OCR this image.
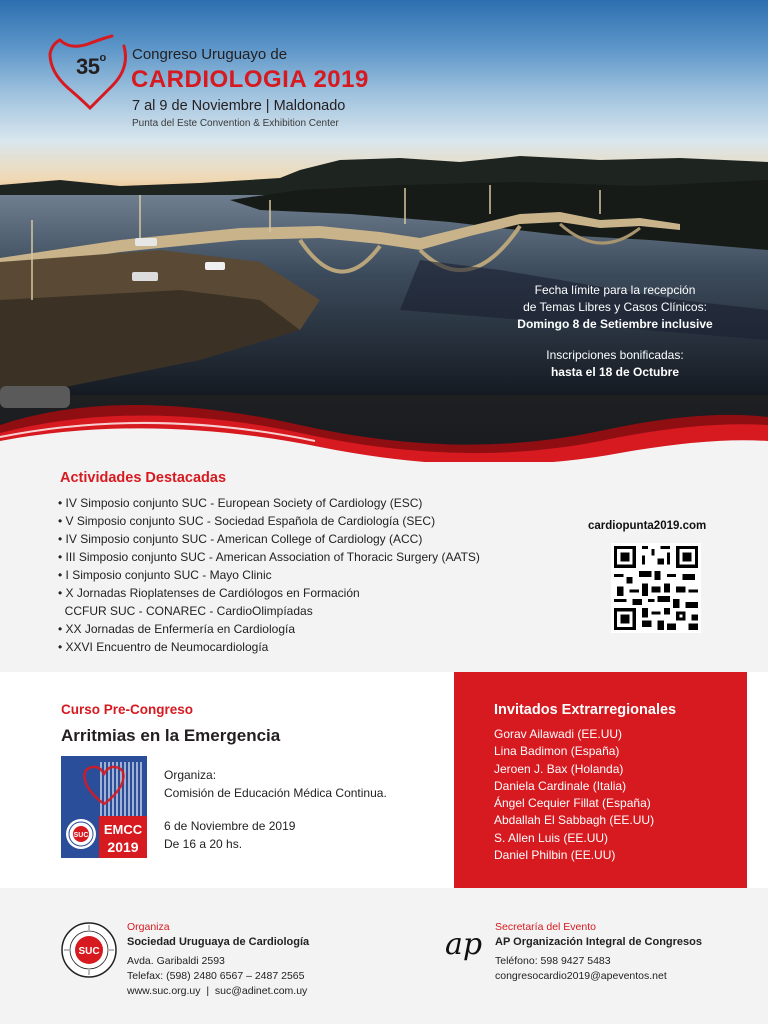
35$^o$ Congreso Uruguayo de
CARDIOLOGIA 2019
7 al 9 de Noviembre | Maldonado
Punta del Este Convention & Exhibition Center
Fecha límite para la recepción
de Temas Libres y Casos Clínicos:
Domingo 8 de Setiembre inclusive
Inscripciones bonificadas:
hasta el 18 de Octubre
Actividades Destacadas
• IV Simposio conjunto SUC - European Society of Cardiology (ESC)
• V Simposio conjunto SUC - Sociedad Española de Cardiología (SEC)
• IV Simposio conjunto SUC - American College of Cardiology (ACC)
• III Simposio conjunto SUC - American Association of Thoracic Surgery (AATS)
• I Simposio conjunto SUC - Mayo Clinic
• X Jornadas Rioplatenses de Cardiólogos en Formación
CCFUR SUC - CONAREC - CardioOlimpíadas
• XX Jornadas de Enfermería en Cardiología
• XXVI Encuentro de Neumocardiología
cardiopunta2019.com
Curso Pre-Congreso
Arritmias en la Emergencia
EMCC
2019
SUC
Organiza:
Comisión de Educación Médica Continua.
6 de Noviembre de 2019
De 16 a 20 hs.
Invitados Extrarregionales
Gorav Ailawadi (EE.UU)
Lina Badimon (España)
Jeroen J. Bax (Holanda)
Daniela Cardinale (Italia)
Ángel Cequier Fillat (España)
Abdallah El Sabbagh (EE.UU)
S. Allen Luis (EE.UU)
Daniel Philbin (EE.UU)
SUC
Organiza
Sociedad Uruguaya de Cardiología
Avda. Garibaldi 2593
Telefax: (598) 2480 6567 – 2487 2565
www.suc.org.uy  |  suc@adinet.com.uy
ap Secretaría del Evento
AP Organización Integral de Congresos
Teléfono: 598 9427 5483
congresocardio2019@apeventos.net
